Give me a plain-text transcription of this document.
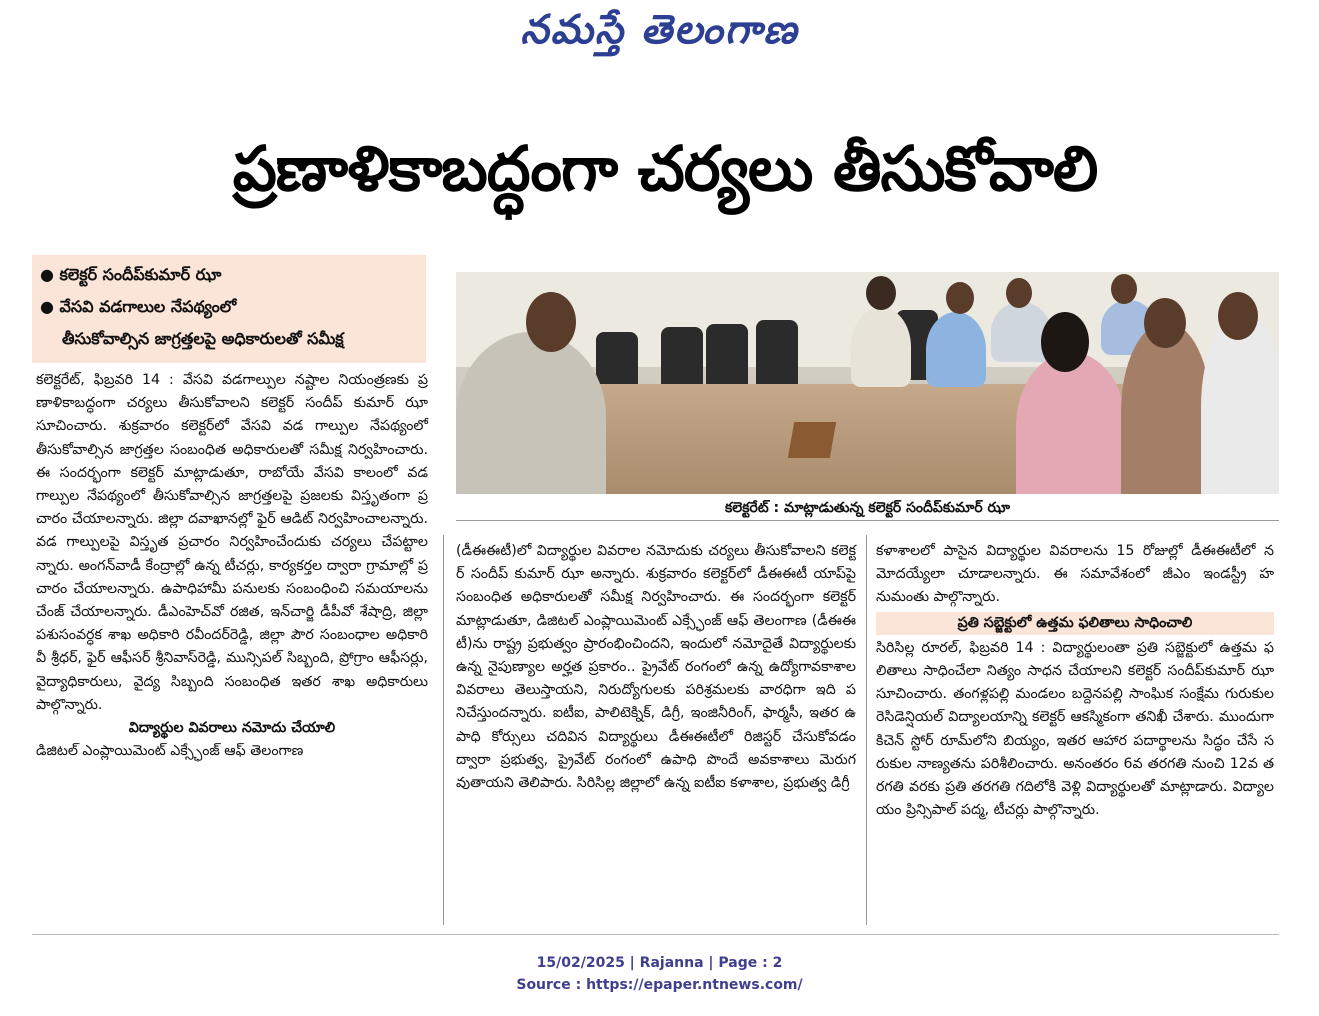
నమస్తే తెలంగాణ
ప్రణాళికాబద్ధంగా చర్యలు తీసుకోవాలి
● కలెక్టర్ సందీప్‌కుమార్ ఝా
● వేసవి వడగాలుల నేపథ్యంలో
తీసుకోవాల్సిన జాగ్రత్తలపై అధికారులతో సమీక్ష
కలెక్టరేట్ : మాట్లాడుతున్న కలెక్టర్ సందీప్‌కుమార్ ఝా
కలెక్టరేట్, ఫిబ్రవరి 14 : వేసవి వడగాల్పుల నష్టాల నియంత్రణకు ప్రణాళికాబద్ధంగా చర్యలు తీసుకోవాలని కలెక్టర్ సందీప్ కుమార్ ఝా సూచించారు. శుక్రవారం కలెక్టర్‌లో వేసవి వడ గాల్పుల నేపథ్యంలో తీసుకోవాల్సిన జాగ్రత్తల సంబంధిత అధికారులతో సమీక్ష నిర్వహించారు. ఈ సందర్భంగా కలెక్టర్ మాట్లాడుతూ, రాబోయే వేసవి కాలంలో వడగాల్పుల నేపథ్యంలో తీసుకోవాల్సిన జాగ్రత్తలపై ప్రజలకు విస్తృతంగా ప్రచారం చేయాలన్నారు. జిల్లా దవాఖానల్లో ఫైర్ ఆడిట్ నిర్వహించాలన్నారు. వడ గాల్పులపై విస్తృత ప్రచారం నిర్వహించేందుకు చర్యలు చేపట్టాలన్నారు. అంగన్‌వాడీ కేంద్రాల్లో ఉన్న టీచర్లు, కార్యకర్తల ద్వారా గ్రామాల్లో ప్రచారం చేయాలన్నారు. ఉపాధిహామీ పనులకు సంబంధించి సమయాలను చేంజ్ చేయాలన్నారు. డీఎంహెచ్‌వో రజిత, ఇన్‌చార్జి డీపీవో శేషాద్రి, జిల్లా పశుసంవర్ధక శాఖ అధికారి రవీందర్‌రెడ్డి, జిల్లా పౌర సంబంధాల అధికారి వీ శ్రీధర్, ఫైర్ ఆఫీసర్ శ్రీనివాస్‌రెడ్డి, మున్సిపల్ సిబ్బంది, ప్రోగ్రాం ఆఫీసర్లు, వైద్యాధికారులు, వైద్య సిబ్బంది సంబంధిత ఇతర శాఖ అధికారులు పాల్గొన్నారు.
విద్యార్థుల వివరాలు నమోదు చేయాలి
డిజిటల్ ఎంప్లాయిమెంట్ ఎక్స్ఛేంజ్ ఆఫ్ తెలంగాణ
(డీఈఈటీ)లో విద్యార్థుల వివరాల నమోదుకు చర్యలు తీసుకోవాలని కలెక్టర్ సందీప్ కుమార్ ఝా అన్నారు. శుక్రవారం కలెక్టర్‌లో డీఈఈటీ యాప్‌పై సంబంధిత అధికారులతో సమీక్ష నిర్వహించారు. ఈ సందర్భంగా కలెక్టర్ మాట్లాడుతూ, డిజిటల్ ఎంప్లాయిమెంట్ ఎక్స్ఛేంజ్ ఆఫ్ తెలంగాణ (డీఈఈటీ)ను రాష్ట్ర ప్రభుత్వం ప్రారంభించిందని, ఇందులో నమోదైతే విద్యార్థులకు ఉన్న నైపుణ్యాల అర్హత ప్రకారం.. ప్రైవేట్ రంగంలో ఉన్న ఉద్యోగావకాశాల వివరాలు తెలుస్తాయని, నిరుద్యోగులకు పరిశ్రమలకు వారధిగా ఇది పనిచేస్తుందన్నారు. ఐటీఐ, పాలిటెక్నిక్, డిగ్రీ, ఇంజినీరింగ్, ఫార్మసీ, ఇతర ఉపాధి కోర్సులు చదివిన విద్యార్థులు డీఈఈటీలో రిజిస్టర్ చేసుకోవడం ద్వారా ప్రభుత్వ, ప్రైవేట్ రంగంలో ఉపాధి పొందే అవకాశాలు మెరుగవుతాయని తెలిపారు. సిరిసిల్ల జిల్లాలో ఉన్న ఐటీఐ కళాశాల, ప్రభుత్వ డిగ్రీ
కళాశాలలో పాసైన విద్యార్థుల వివరాలను 15 రోజుల్లో డీఈఈటీలో నమోదయ్యేలా చూడాలన్నారు. ఈ సమావేశంలో జీఎం ఇండస్ట్రీ హనుమంతు పాల్గొన్నారు.
ప్రతి సబ్జెక్టులో ఉత్తమ ఫలితాలు సాధించాలి
సిరిసిల్ల రూరల్, ఫిబ్రవరి 14 : విద్యార్థులంతా ప్రతి సబ్జెక్టులో ఉత్తమ ఫలితాలు సాధించేలా నిత్యం సాధన చేయాలని కలెక్టర్ సందీప్‌కుమార్ ఝా సూచించారు. తంగళ్లపల్లి మండలం బద్దెనపల్లి సాంఘిక సంక్షేమ గురుకుల రెసిడెన్షియల్ విద్యాలయాన్ని కలెక్టర్ ఆకస్మికంగా తనిఖీ చేశారు. ముందుగా కిచెన్ స్టోర్ రూమ్‌లోని బియ్యం, ఇతర ఆహార పదార్థాలను సిద్ధం చేసే సరుకుల నాణ్యతను పరిశీలించారు. అనంతరం 6వ తరగతి నుంచి 12వ తరగతి వరకు ప్రతి తరగతి గదిలోకి వెళ్లి విద్యార్థులతో మాట్లాడారు. విద్యాలయం ప్రిన్సిపాల్ పద్మ, టీచర్లు పాల్గొన్నారు.
15/02/2025 | Rajanna | Page : 2
Source : https://epaper.ntnews.com/
